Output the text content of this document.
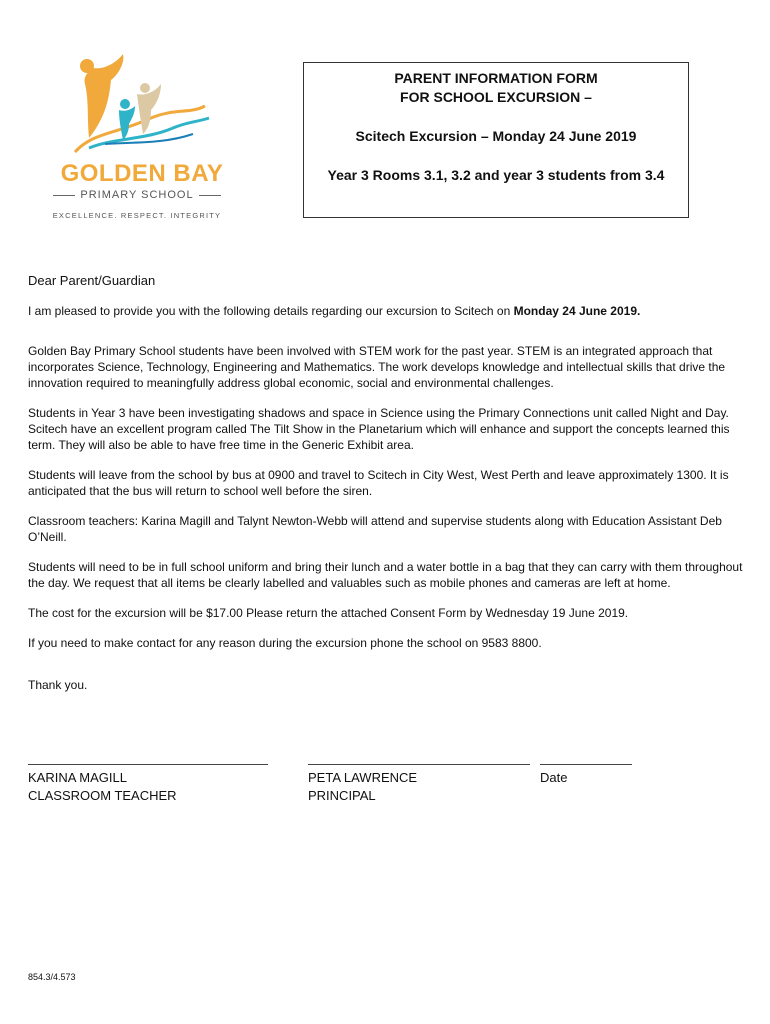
GOLDEN BAY
PRIMARY SCHOOL
EXCELLENCE. RESPECT. INTEGRITY
PARENT INFORMATION FORM
FOR SCHOOL EXCURSION –
Scitech Excursion – Monday 24 June 2019
Year 3 Rooms 3.1, 3.2 and year 3 students from 3.4

Dear Parent/Guardian

I am pleased to provide you with the following details regarding our excursion to Scitech on Monday 24 June 2019.

Golden Bay Primary School students have been involved with STEM work for the past year. STEM is an integrated approach that incorporates Science, Technology, Engineering and Mathematics. The work develops knowledge and intellectual skills that drive the innovation required to meaningfully address global economic, social and environmental challenges.

Students in Year 3 have been investigating shadows and space in Science using the Primary Connections unit called Night and Day. Scitech have an excellent program called The Tilt Show in the Planetarium which will enhance and support the concepts learned this term. They will also be able to have free time in the Generic Exhibit area.

Students will leave from the school by bus at 0900 and travel to Scitech in City West, West Perth and leave approximately 1300. It is anticipated that the bus will return to school well before the siren.

Classroom teachers: Karina Magill and Talynt Newton-Webb will attend and supervise students along with Education Assistant Deb O’Neill.

Students will need to be in full school uniform and bring their lunch and a water bottle in a bag that they can carry with them throughout the day. We request that all items be clearly labelled and valuables such as mobile phones and cameras are left at home.

The cost for the excursion will be $17.00 Please return the attached Consent Form by Wednesday 19 June 2019.

If you need to make contact for any reason during the excursion phone the school on 9583 8800.

Thank you.

KARINA MAGILL
CLASSROOM TEACHER
PETA LAWRENCE
PRINCIPAL
Date
854.3/4.573
